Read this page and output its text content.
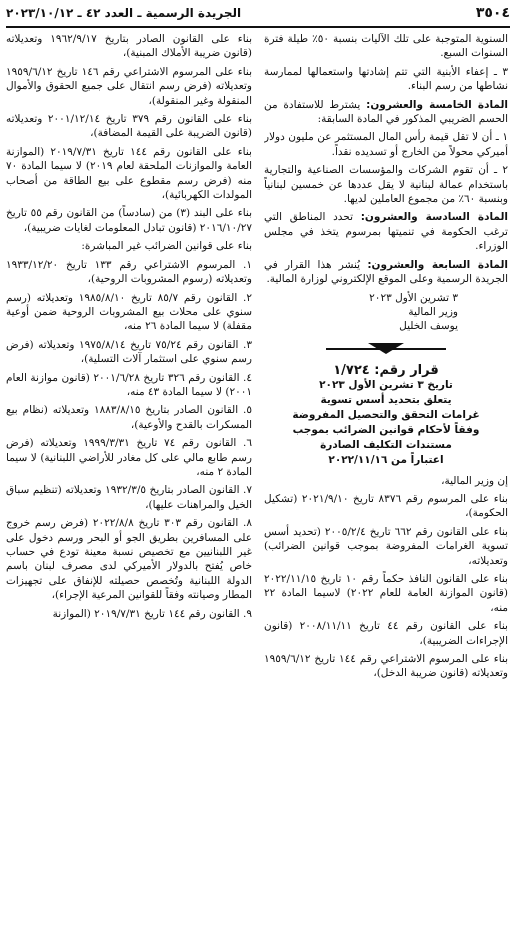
٣٥٠٤
الجريدة الرسمية ـ العدد ٤٢ ـ ٢٠٢٣/١٠/١٢

السنوية المتوجبة على تلك الآليات بنسبة ٥٠٪ طيلة فترة السنوات السبع.

٣ ـ إعفاء الأبنية التي تتم إشادتها واستعمالها لممارسة نشاطها من رسم البناء.

المادة الخامسة والعشرون: يشترط للاستفادة من الحسم الضريبي المذكور في المادة السابقة:

١ ـ أن لا تقل قيمة رأس المال المستثمر عن مليون دولار أميركي محولاً من الخارج أو تسديده نقداً.

٢ ـ أن تقوم الشركات والمؤسسات الصناعية والتجارية باستخدام عمالة لبنانية لا يقل عددها عن خمسين لبنانياً وبنسبة ٦٠٪ من مجموع العاملين لديها.

المادة السادسة والعشرون: تحدد المناطق التي ترغب الحكومة في تنميتها بمرسوم يتخذ في مجلس الوزراء.

المادة السابعة والعشرون: يُنشر هذا القرار في الجريدة الرسمية وعلى الموقع الإلكتروني لوزارة المالية.

٣ تشرين الأول ٢٠٢٣
وزير المالية
يوسف الخليل
قرار رقم: ١/٧٢٤
تاريخ ٣ تشرين الأول ٢٠٢٣
يتعلق بتحديد أسس تسوية
غرامات التحقق والتحصيل المفروضة
وفقاً لأحكام قوانين الضرائب بموجب
مستندات التكليف الصادرة
اعتباراً من ٢٠٢٢/١١/١٦

إن وزير المالية،

بناء على المرسوم رقم ٨٣٧٦ تاريخ ٢٠٢١/٩/١٠ (تشكيل الحكومة)،

بناء على القانون رقم ٦٦٢ تاريخ ٢٠٠٥/٢/٤ (تحديد أسس تسوية الغرامات المفروضة بموجب قوانين الضرائب) وتعديلاته،

بناء على القانون النافذ حكماً رقم ١٠ تاريخ ٢٠٢٢/١١/١٥ (قانون الموازنة العامة للعام ٢٠٢٢) لاسيما المادة ٢٢ منه،

بناء على القانون رقم ٤٤ تاريخ ٢٠٠٨/١١/١١ (قانون الإجراءات الضريبية)،

بناء على المرسوم الاشتراعي رقم ١٤٤ تاريخ ١٩٥٩/٦/١٢ وتعديلاته (قانون ضريبة الدخل)،

بناء على القانون الصادر بتاريخ ١٩٦٢/٩/١٧ وتعديلاته (قانون ضريبة الأملاك المبنية)،

بناء على المرسوم الاشتراعي رقم ١٤٦ تاريخ ١٩٥٩/٦/١٢ وتعديلاته (فرض رسم انتقال على جميع الحقوق والأموال المنقولة وغير المنقولة)،

بناء على القانون رقم ٣٧٩ تاريخ ٢٠٠١/١٢/١٤ وتعديلاته (قانون الضريبة على القيمة المضافة)،

بناء على القانون رقم ١٤٤ تاريخ ٢٠١٩/٧/٣١ (الموازنة العامة والموازنات الملحقة لعام ٢٠١٩) لا سيما المادة ٧٠ منه (فرض رسم مقطوع على بيع الطاقة من أصحاب المولدات الكهربائية)،

بناء على البند (٣) من (سادساً) من القانون رقم ٥٥ تاريخ ٢٠١٦/١٠/٢٧ (قانون تبادل المعلومات لغايات ضريبية)،

بناء على قوانين الضرائب غير المباشرة:

١. المرسوم الاشتراعي رقم ١٣٣ تاريخ ١٩٣٣/١٢/٢٠ وتعديلاته (رسوم المشروبات الروحية)،

٢. القانون رقم ٨٥/٧ تاريخ ١٩٨٥/٨/١٠ وتعديلاته (رسم سنوي على محلات بيع المشروبات الروحية ضمن أوعية مقفلة) لا سيما المادة ٢٦ منه،

٣. القانون رقم ٧٥/٢٤ تاريخ ١٩٧٥/٨/١٤ وتعديلاته (فرض رسم سنوي على استثمار آلات التسلية)،

٤. القانون رقم ٣٢٦ تاريخ ٢٠٠١/٦/٢٨ (قانون موازنة العام ٢٠٠١) لا سيما المادة ٤٣ منه،

٥. القانون الصادر بتاريخ ١٨٨٣/٨/١٥ وتعديلاته (نظام بيع المسكرات بالقدح والأوعية)،

٦. القانون رقم ٧٤ تاريخ ١٩٩٩/٣/٣١ وتعديلاته (فرض رسم طابع مالي على كل مغادر للأراضي اللبنانية) لا سيما المادة ٢ منه،

٧. القانون الصادر بتاريخ ١٩٣٢/٣/٥ وتعديلاته (تنظيم سباق الخيل والمراهنات عليها)،

٨. القانون رقم ٣٠٣ تاريخ ٢٠٢٢/٨/٨ (فرض رسم خروج على المسافرين بطريق الجو أو البحر ورسم دخول على غير اللبنانيين مع تخصيص نسبة معينة تودع في حساب خاص يُفتح بالدولار الأميركي لدى مصرف لبنان باسم الدولة اللبنانية وتُخصص حصيلته للإنفاق على تجهيزات المطار وصيانته وفقاً للقوانين المرعية الإجراء)،

٩. القانون رقم ١٤٤ تاريخ ٢٠١٩/٧/٣١ (الموازنة
